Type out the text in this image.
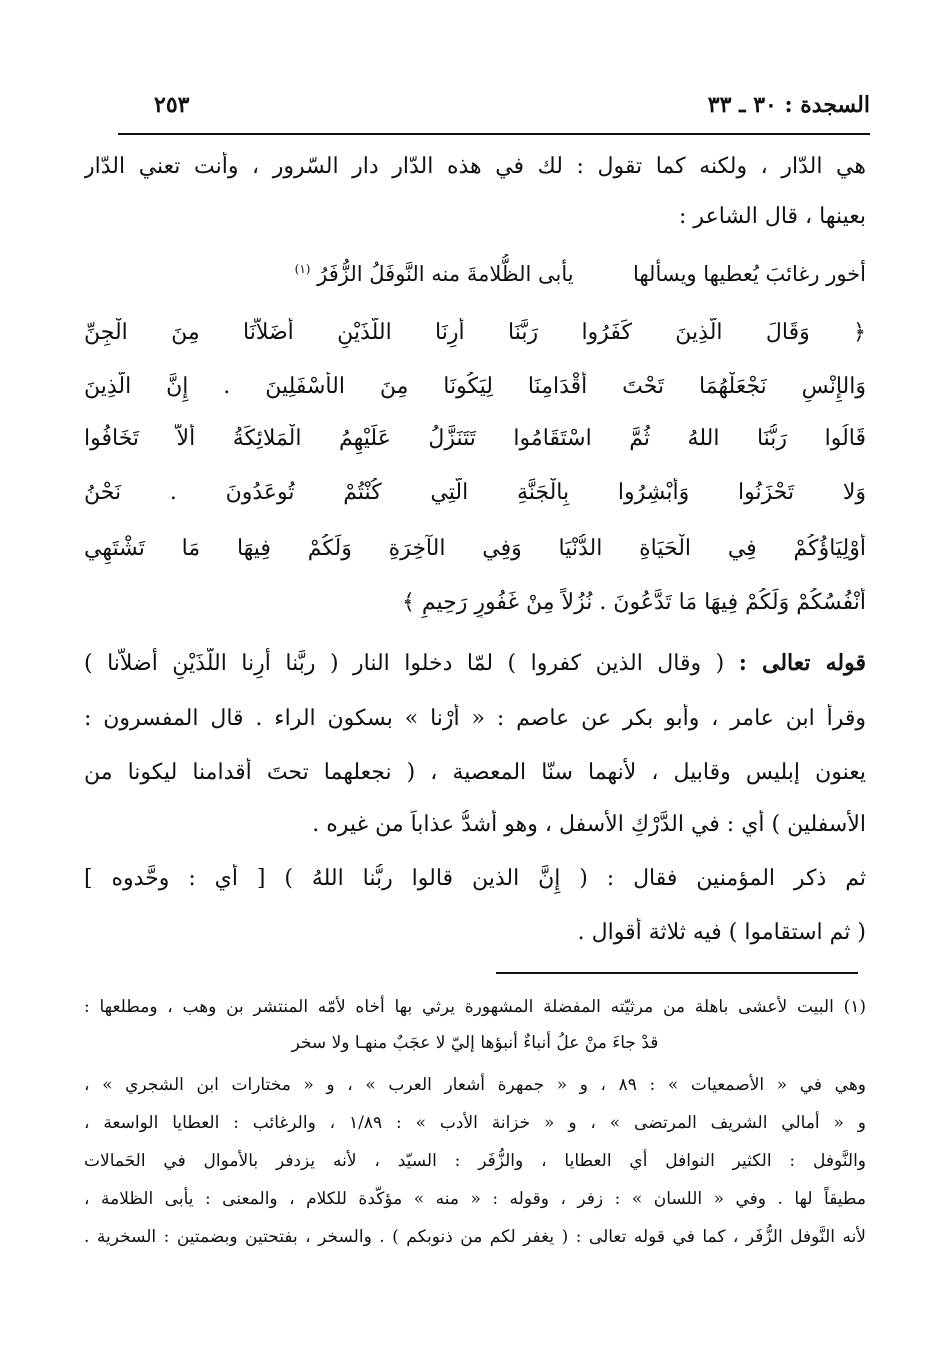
٢٥٣	السجدة : ٣٠ ـ ٣٣
هي الدّار ، ولكنه كما تقول : لك في هذه الدّار دار السّرور ، وأنت تعني الدّار
بعينها ، قال الشاعر :
أخور رغائبَ يُعطيها ويسألها  يأبى الظُّلامةَ منه النَّوفَلُ الزُّفَرُ $^{(١)}$
﴿ وَقَالَ الَّذِينَ كَفَرُوا رَبَّنَا أَرِنَا اللَّذَيْنِ أَضَلاَّنَا مِنَ الْجِنِّ
وَالإِنْسِ نَجْعَلْهُمَا تَحْتَ أَقْدَامِنَا لِيَكُونَا مِنَ الأَسْفَلِينَ . إِنَّ الَّذِينَ
قَالُوا رَبُّنَا اللهُ ثُمَّ اسْتَقَامُوا تَتَنَزَّلُ عَلَيْهِمُ الْمَلائِكَةُ أَلاَّ تَخَافُوا
وَلا تَحْزَنُوا وَأَبْشِرُوا بِالْجَنَّةِ الَّتِي كُنْتُمْ تُوعَدُونَ . نَحْنُ
أَوْلِيَاؤُكُمْ فِي الْحَيَاةِ الدُّنْيَا وَفِي الآخِرَةِ وَلَكُمْ فِيهَا مَا تَشْتَهِي
أَنْفُسُكُمْ وَلَكُمْ فِيهَا مَا تَدَّعُونَ . نُزُلاً مِنْ غَفُورٍ رَحِيمٍ ﴾
قوله تعالى : ( وقال الذين كفروا ) لمّا دخلوا النار ( ربَّنا أرِنا اللَّذَيْنِ أضلاّنا )
وقرأ ابن عامر ، وأبو بكر عن عاصم : « أرْنا » بسكون الراء . قال المفسرون :
يعنون إبليس وقابيل ، لأنهما سنّا المعصية ، ( نجعلهما تحتَ أقدامنا ليكونا من
الأسفلين ) أي : في الدَّرْكِ الأسفل ، وهو أشدُّ عذاباً من غيره .
ثم ذكر المؤمنين فقال : ( إِنَّ الذين قالوا ربُّنا اللهُ ) [ أي : وحَّدوه ]
( ثم استقاموا ) فيه ثلاثة أقوال .
(١) البيت لأعشى باهلة من مرثيّته المفضلة المشهورة يرثي بها أخاه لأمّه المنتشر بن وهب ، ومطلعها :
قدْ جاءَ منْ علُ أنباءٌ أنبؤها إليّ لا عجَبٌ منهـا ولا سخر
وهي في « الأصمعيات » : ٨٩ ، و « جمهرة أشعار العرب » ، و « مختارات ابن الشجري » ،
و « أمالي الشريف المرتضى » ، و « خزانة الأدب » : ١/٨٩ ، والرغائب : العطايا الواسعة ،
والنَّوفل : الكثير النوافل أي العطايا ، والزُّفَر : السيّد ، لأنه يزدفر بالأموال في الحَمالات
مطيقاً لها . وفي « اللسان » : زفر ، وقوله : « منه » مؤكّدة للكلام ، والمعنى : يأبى الظلامة ،
لأنه النَّوفل الزُّفَر ، كما في قوله تعالى : ( يغفر لكم من ذنوبكم ) . والسخر ، بفتحتين وبضمتين : السخرية .
